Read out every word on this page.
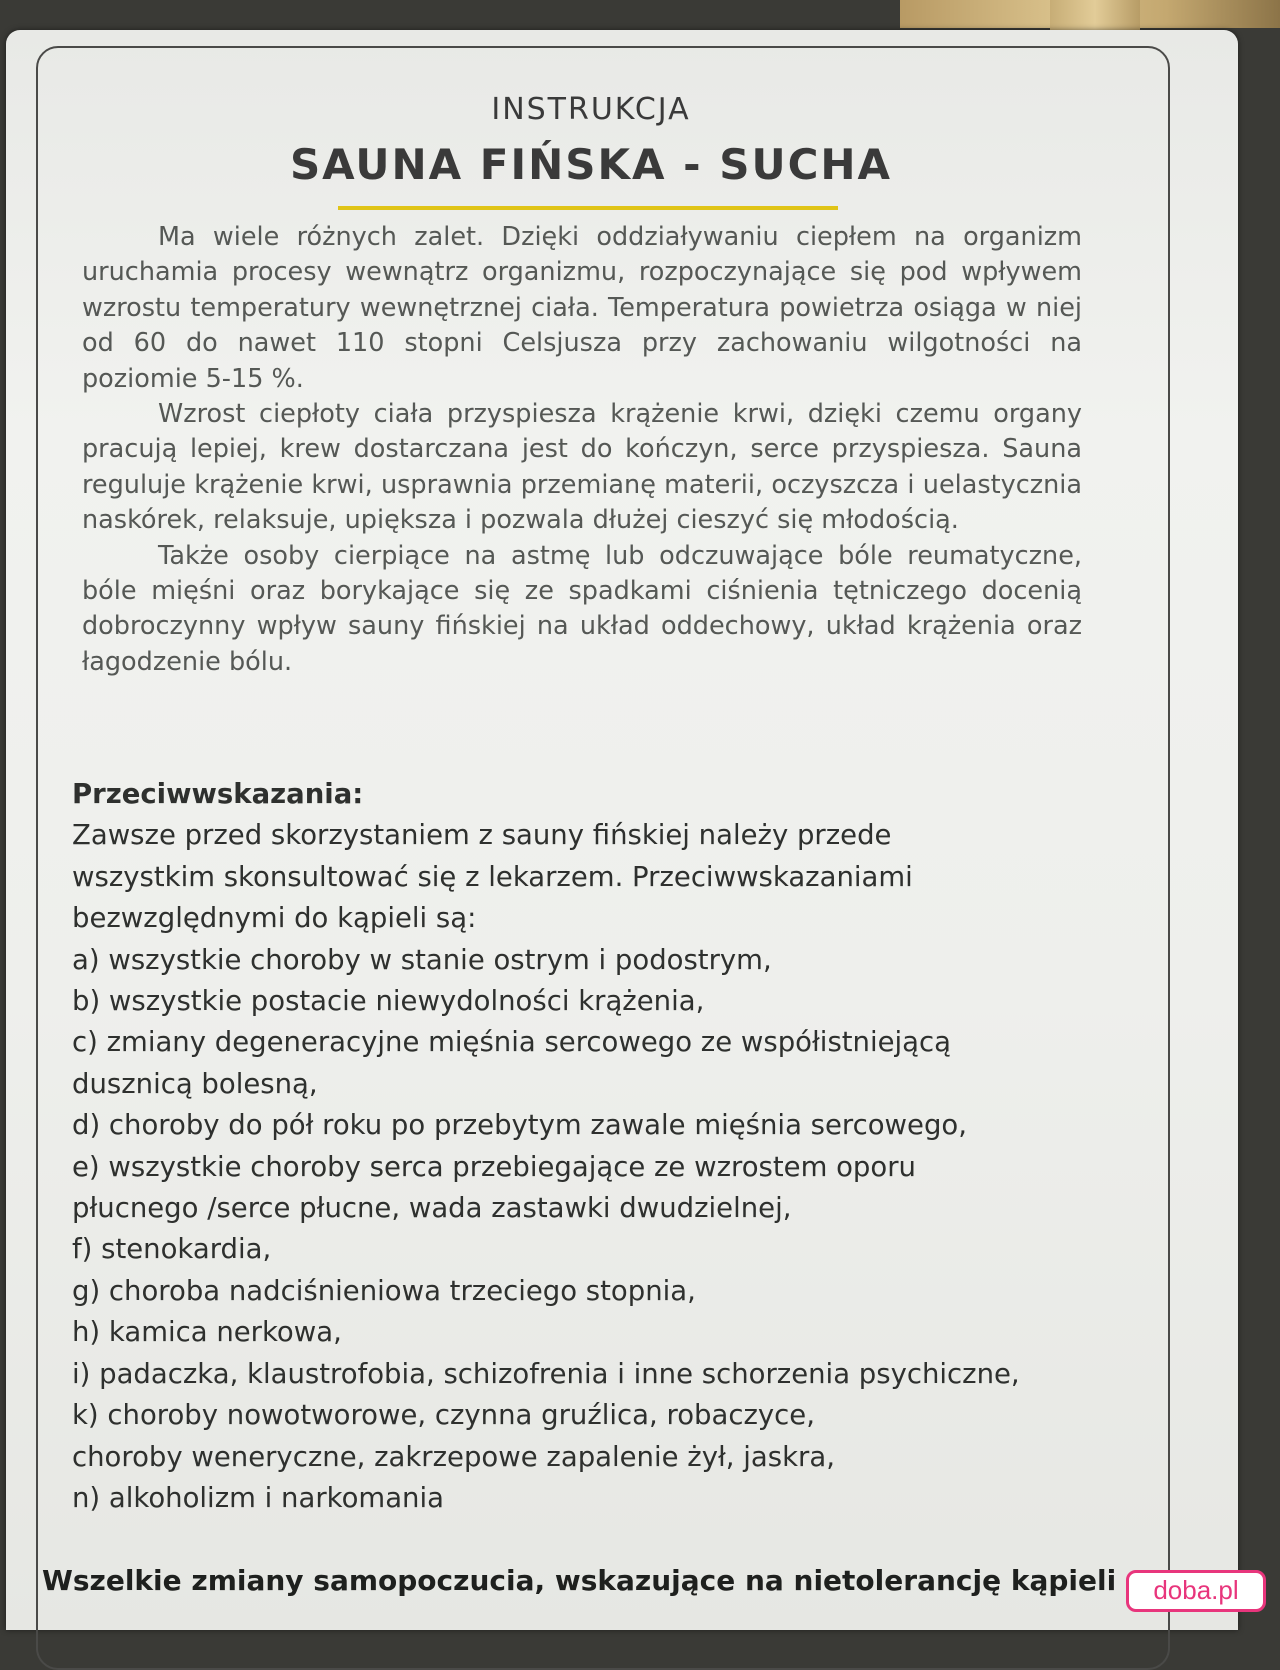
INSTRUKCJA
SAUNA FIŃSKA - SUCHA

Ma wiele różnych zalet. Dzięki oddziaływaniu ciepłem na organizm uruchamia procesy wewnątrz organizmu, rozpoczynające się pod wpływem wzrostu temperatury wewnętrznej ciała. Temperatura powietrza osiąga w niej od 60 do nawet 110 stopni Celsjusza przy zachowaniu wilgotności na poziomie 5-15 %.

Wzrost ciepłoty ciała przyspiesza krążenie krwi, dzięki czemu organy pracują lepiej, krew dostarczana jest do kończyn, serce przyspiesza. Sauna reguluje krążenie krwi, usprawnia przemianę materii, oczyszcza i uelastycznia naskórek, relaksuje, upiększa i pozwala dłużej cieszyć się młodością.

Także osoby cierpiące na astmę lub odczuwające bóle reumatyczne, bóle mięśni oraz borykające się ze spadkami ciśnienia tętniczego docenią dobroczynny wpływ sauny fińskiej na układ oddechowy, układ krążenia oraz łagodzenie bólu.

Przeciwwskazania:
Zawsze przed skorzystaniem z sauny fińskiej należy przede
wszystkim skonsultować się z lekarzem. Przeciwwskazaniami
bezwzględnymi do kąpieli są:
a) wszystkie choroby w stanie ostrym i podostrym,
b) wszystkie postacie niewydolności krążenia,
c) zmiany degeneracyjne mięśnia sercowego ze współistniejącą
dusznicą bolesną,
d) choroby do pół roku po przebytym zawale mięśnia sercowego,
e) wszystkie choroby serca przebiegające ze wzrostem oporu
płucnego /serce płucne, wada zastawki dwudzielnej,
f) stenokardia,
g) choroba nadciśnieniowa trzeciego stopnia,
h) kamica nerkowa,
i) padaczka, klaustrofobia, schizofrenia i inne schorzenia psychiczne,
k) choroby nowotworowe, czynna gruźlica, robaczyce,
choroby weneryczne, zakrzepowe zapalenie żył, jaskra,
n) alkoholizm i narkomania
Wszelkie zmiany samopoczucia, wskazujące na nietolerancję kąpieli	doba.pl
